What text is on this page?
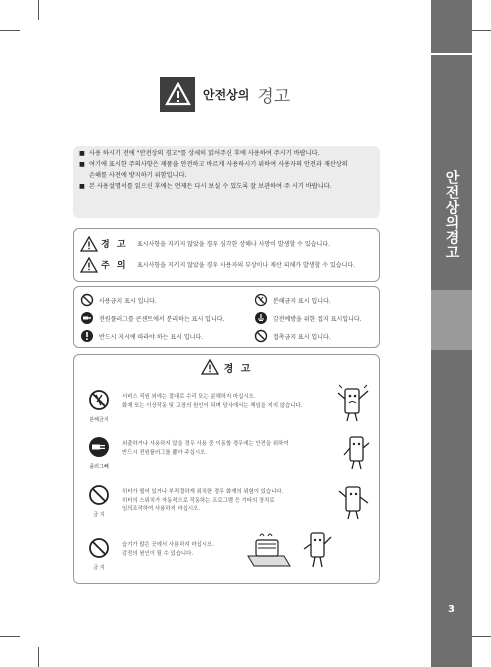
안전상의경고
3
안전상의 경고
■ 사용 하시기 전에 "안전상의 경고"를 상세히 읽어주신 후에 사용하여 주시기 바랍니다.
■ 여기에 표시한 주의사항은 제품을 안전하고 바르게 사용하시기 위하여 사용자의 안전과 재산상의
손해를 사전에 방지하기 위함입니다.
■ 본 사용설명서를 읽으신 후에는 언제든 다시 보실 수 있도록 잘 보관하여 주 시기 바랍니다.
경 고	표시사항을 지키지 않았을 경우 심각한 상해나 사망이 발생할 수 있습니다.
주 의	표시사항을 지키지 않았을 경우 사용자의 부상이나 재산 피해가 발생할 수 있습니다.
사용금지 표시 입니다.	분해금지 표시 입니다.
전원플러그를 콘센트에서 분리하는 표시 입니다.	감전예방을 위한 접지 표시입니다.
반드시 지시에 따라야 하는 표시 입니다.	접촉금지 표시 입니다.
경 고
분해금지
서비스 직원 외에는 절대로 수리 또는 분해하지 마십시오.
화재 또는 이상작동 및 고장의 원인이 되며 당사에서는 책임을 지지 않습니다.
플러그빼
외출하거나 사용하지 않을 경우 사용 중 이동할 경우에는 안전을 위하여
반드시 전원플러그를 뽑아 주십시오.
금 지
히터가 떨어 있거나 부적절하게 위치한 경우 화재의 위험이 있습니다.
히터의 스위치가 자동적으로 작동하는 프로그램 등 기타의 장치로
임의조작하여 사용하지 마십시오.
금 지
습기가 많은 곳에서 사용하지 마십시오.
감전의 원인이 될 수 있습니다.
